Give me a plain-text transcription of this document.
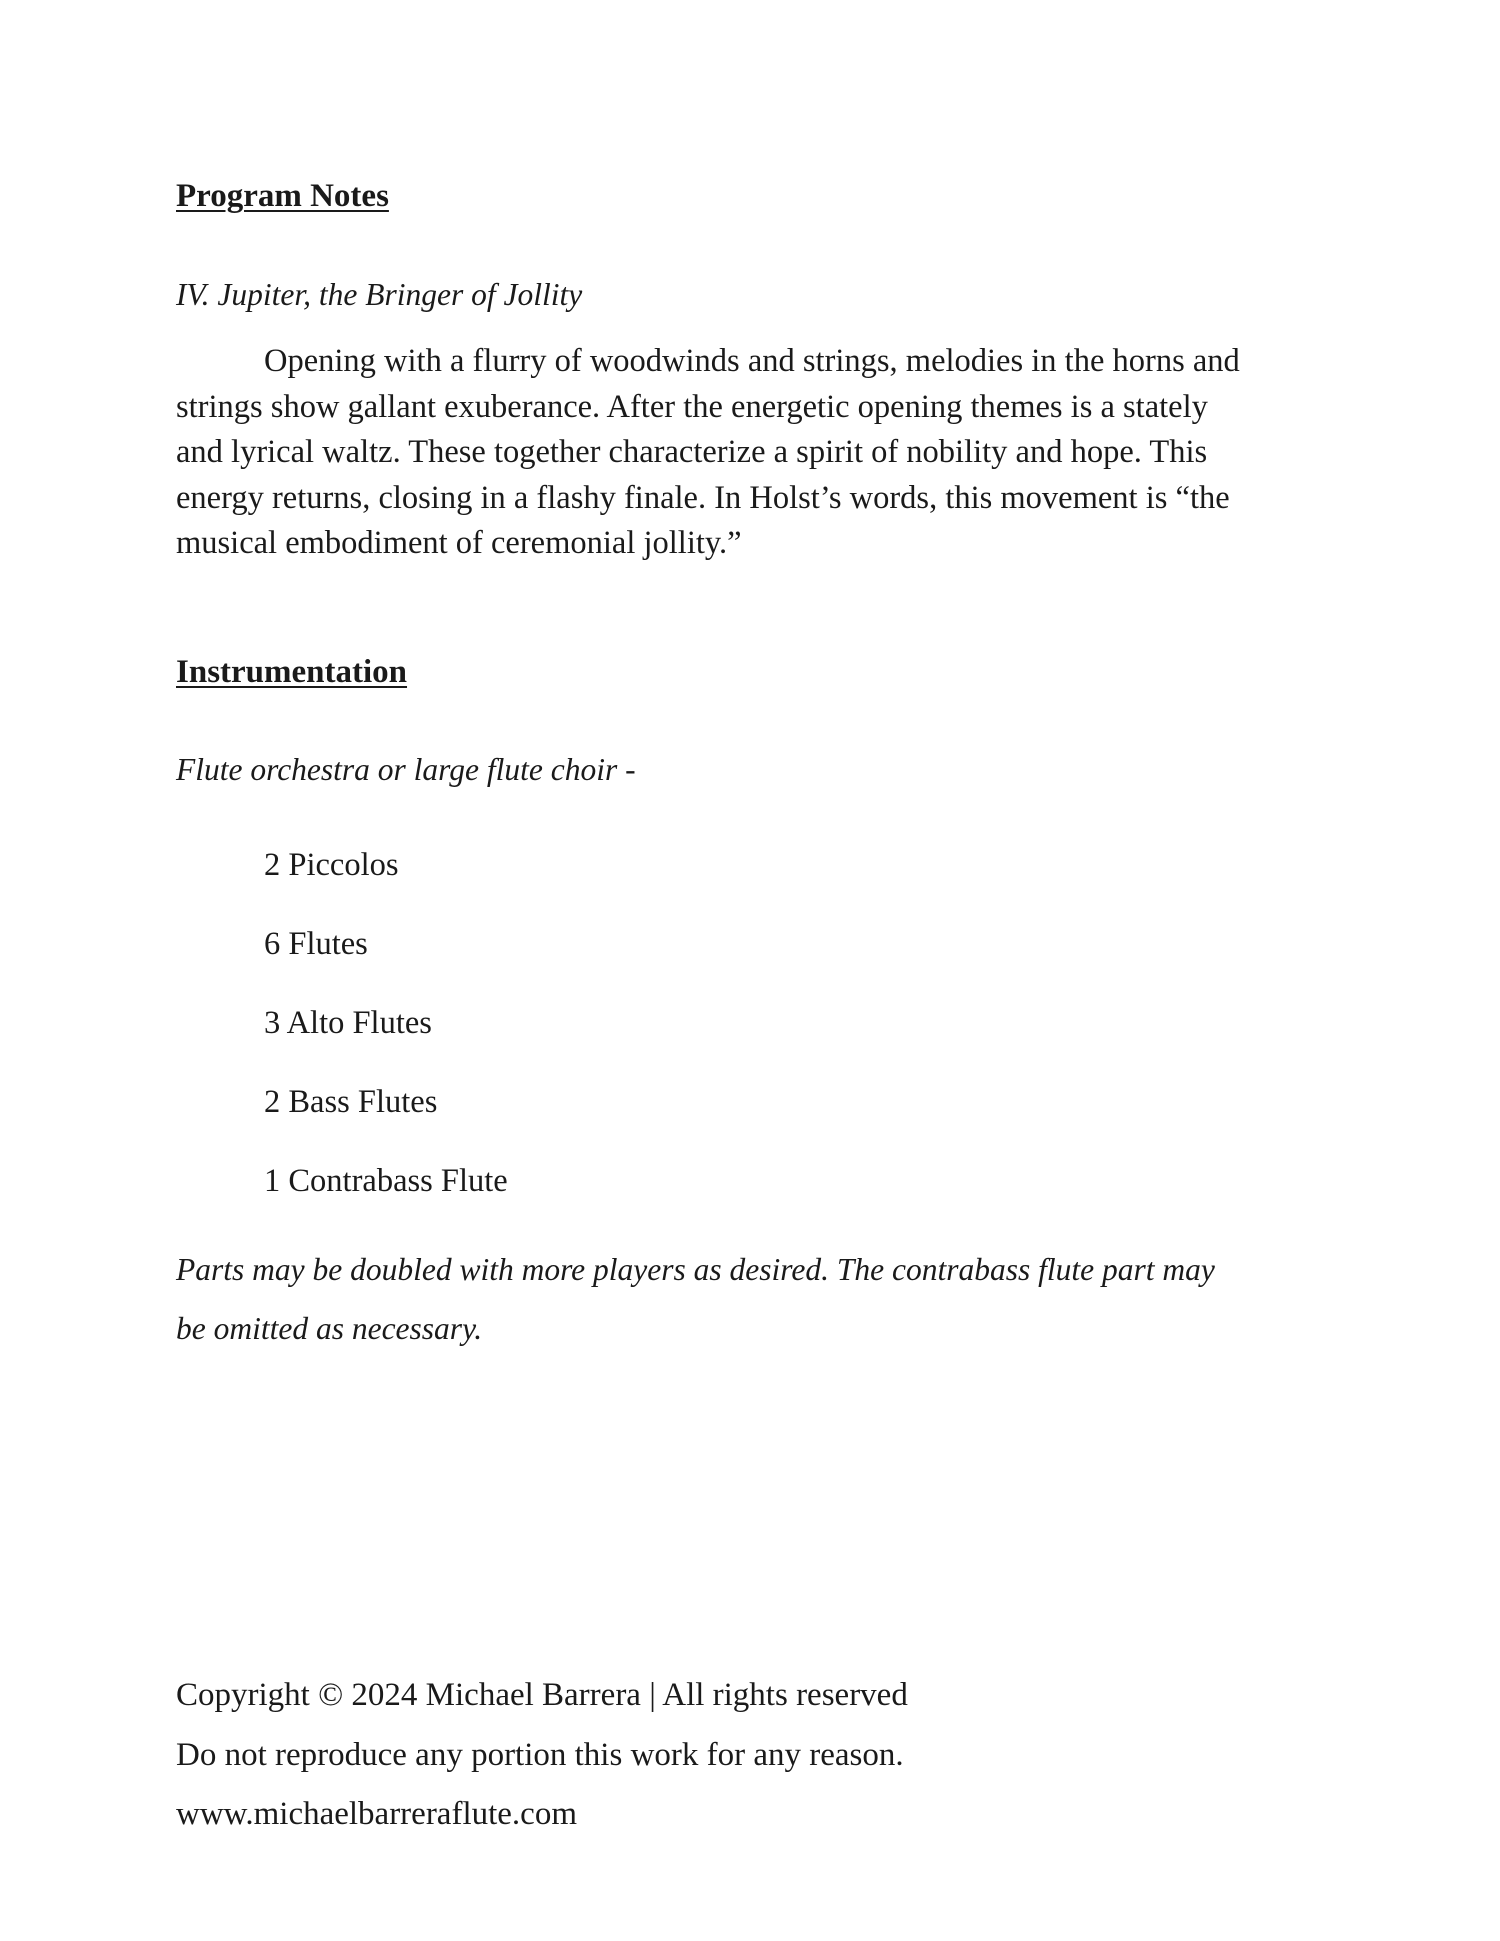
Program Notes

IV. Jupiter, the Bringer of Jollity

Opening with a flurry of woodwinds and strings, melodies in the horns and
strings show gallant exuberance. After the energetic opening themes is a stately
and lyrical waltz. These together characterize a spirit of nobility and hope. This
energy returns, closing in a flashy finale. In Holst’s words, this movement is “the
musical embodiment of ceremonial jollity.”

Instrumentation

Flute orchestra or large flute choir -

2 Piccolos
6 Flutes
3 Alto Flutes
2 Bass Flutes
1 Contrabass Flute

Parts may be doubled with more players as desired. The contrabass flute part may
be omitted as necessary.

Copyright © 2024 Michael Barrera | All rights reserved
Do not reproduce any portion this work for any reason.
www.michaelbarreraflute.com
